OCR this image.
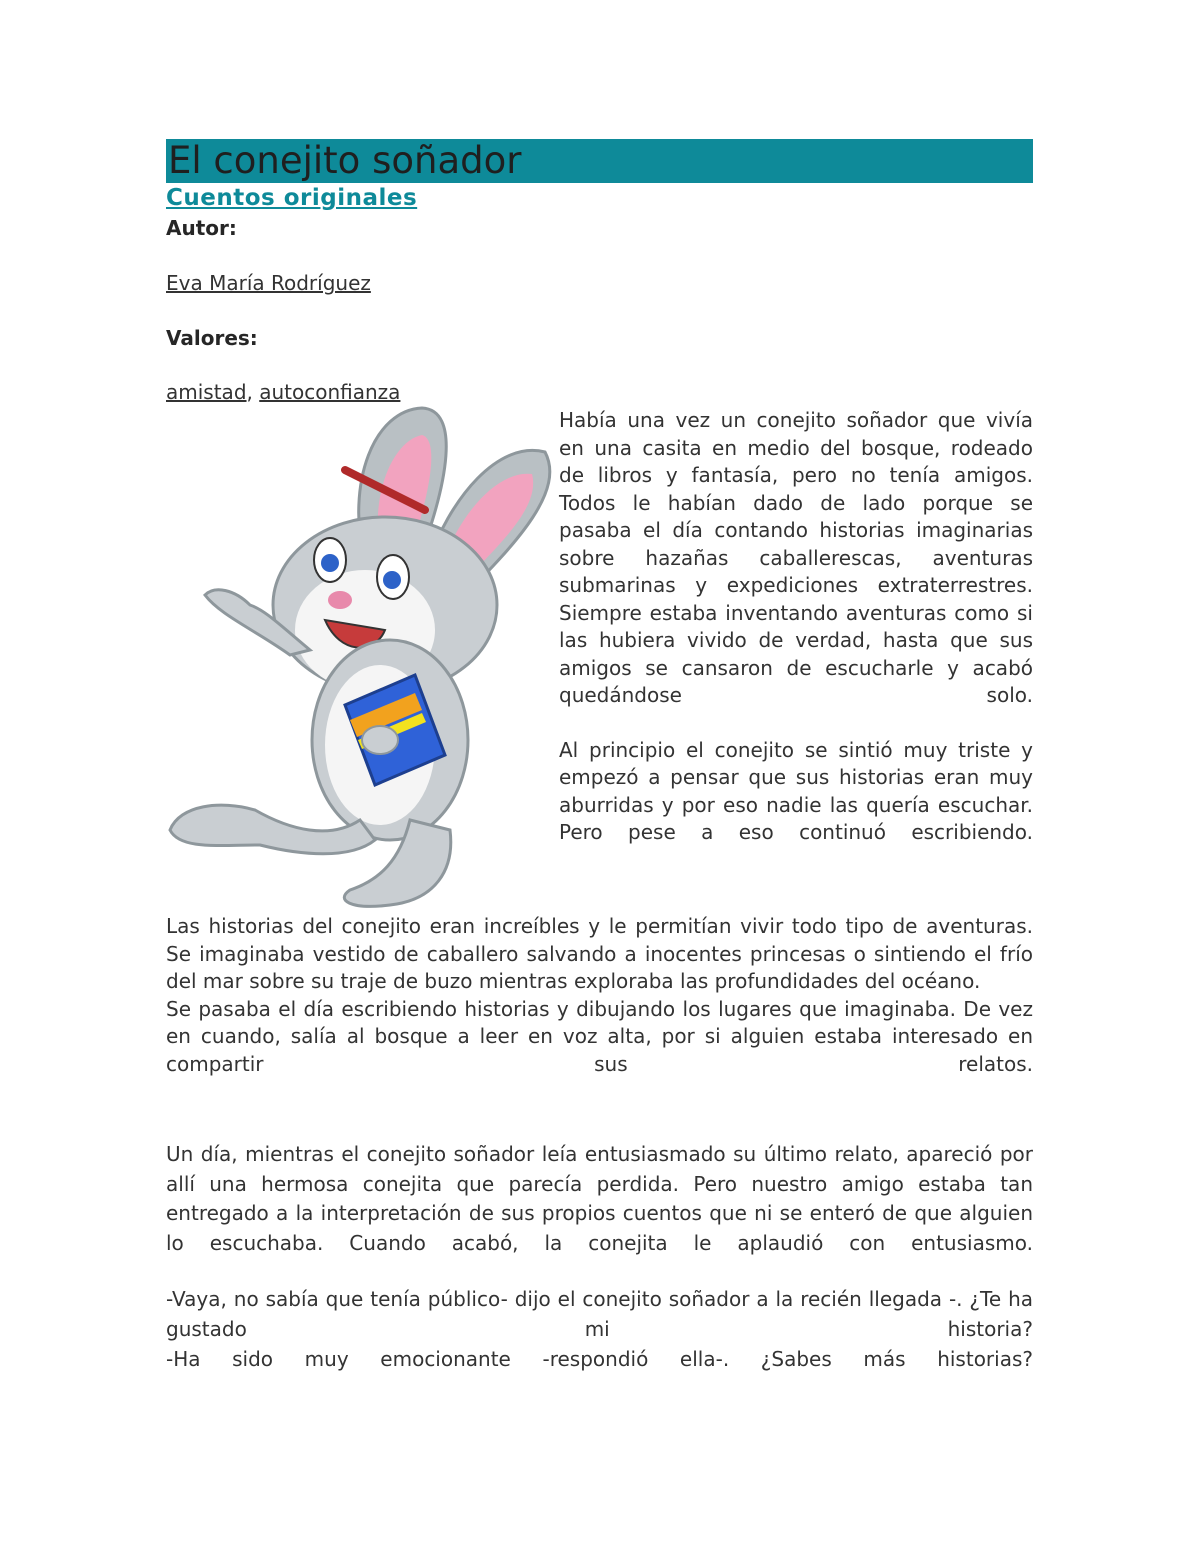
El conejito soñador
Cuentos originales
Autor:
Eva María Rodríguez
Valores:
amistad, autoconfianza

Había una vez un conejito soñador que vivía en una casita en medio del bosque, rodeado de libros y fantasía, pero no tenía amigos. Todos le habían dado de lado porque se pasaba el día contando historias imaginarias sobre hazañas caballerescas, aventuras submarinas y expediciones extraterrestres. Siempre estaba inventando aventuras como si las hubiera vivido de verdad, hasta que sus amigos se cansaron de escucharle y acabó quedándose solo.

Al principio el conejito se sintió muy triste y empezó a pensar que sus historias eran muy aburridas y por eso nadie las quería escuchar. Pero pese a eso continuó escribiendo.

Las historias del conejito eran increíbles y le permitían vivir todo tipo de aventuras. Se imaginaba vestido de caballero salvando a inocentes princesas o sintiendo el frío del mar sobre su traje de buzo mientras exploraba las profundidades del océano.

Se pasaba el día escribiendo historias y dibujando los lugares que imaginaba. De vez en cuando, salía al bosque a leer en voz alta, por si alguien estaba interesado en compartir sus relatos.

Un día, mientras el conejito soñador leía entusiasmado su último relato, apareció por allí una hermosa conejita que parecía perdida. Pero nuestro amigo estaba tan entregado a la interpretación de sus propios cuentos que ni se enteró de que alguien lo escuchaba. Cuando acabó, la conejita le aplaudió con entusiasmo.

-Vaya, no sabía que tenía público- dijo el conejito soñador a la recién llegada -. ¿Te ha gustado mi historia?

-Ha sido muy emocionante -respondió ella-. ¿Sabes más historias?
